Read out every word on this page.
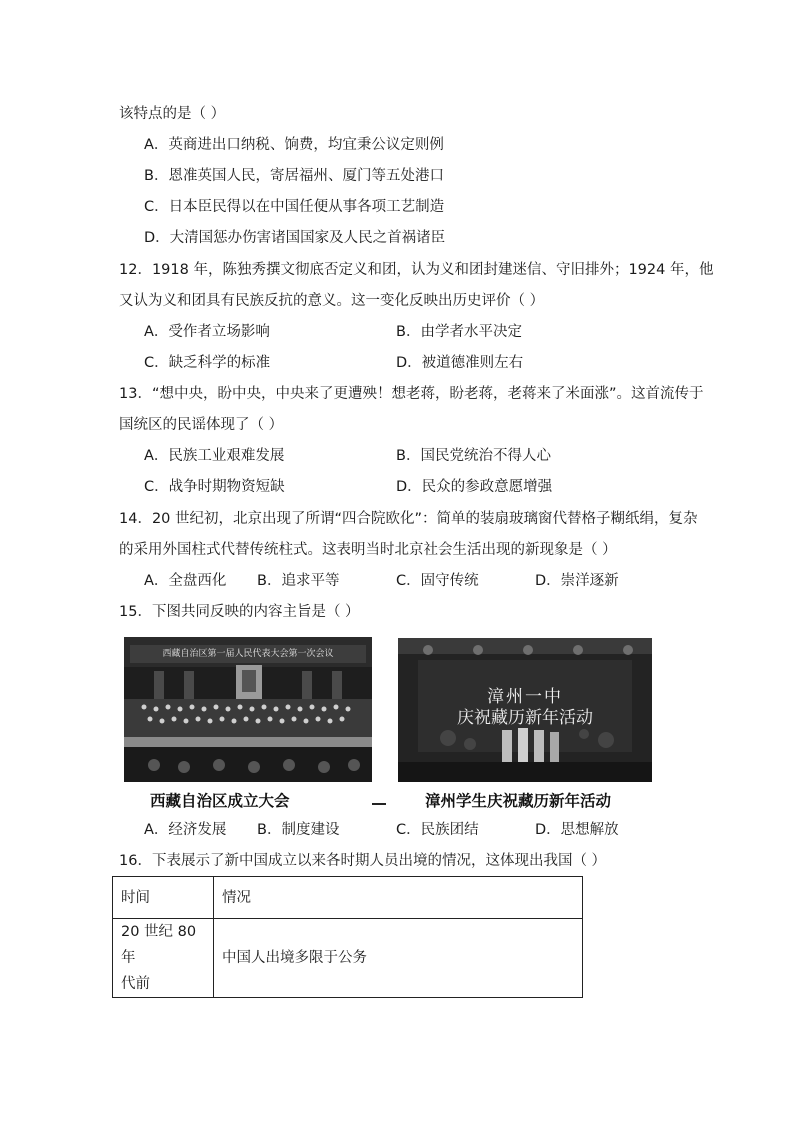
该特点的是（ ）
A．英商进出口纳税、饷费，均宜秉公议定则例
B．恩准英国人民，寄居福州、厦门等五处港口
C．日本臣民得以在中国任便从事各项工艺制造
D．大清国惩办伤害诸国国家及人民之首祸诸臣
12．1918 年，陈独秀撰文彻底否定义和团，认为义和团封建迷信、守旧排外；1924 年，他
又认为义和团具有民族反抗的意义。这一变化反映出历史评价（ ）
A．受作者立场影响	B．由学者水平决定
C．缺乏科学的标准	D．被道德准则左右
13．“想中央，盼中央，中央来了更遭殃！想老蒋，盼老蒋，老蒋来了米面涨”。这首流传于
国统区的民谣体现了（ ）
A．民族工业艰难发展	B．国民党统治不得人心
C．战争时期物资短缺	D．民众的参政意愿增强
14．20 世纪初，北京出现了所谓“四合院欧化”：简单的装扇玻璃窗代替格子糊纸绢，复杂
的采用外国柱式代替传统柱式。这表明当时北京社会生活出现的新现象是（ ）
A．全盘西化 B．追求平等	C．固守传统	D．崇洋逐新
15．下图共同反映的内容主旨是（ ）
西藏自治区第一届人民代表大会第一次会议
西藏自治区成立大会
漳州一中
庆祝藏历新年活动
漳州学生庆祝藏历新年活动
A．经济发展 B．制度建设	C．民族团结	D．思想解放
16．下表展示了新中国成立以来各时期人员出境的情况，这体现出我国（ ）
时间	情况

20 世纪 80 年
代前	中国人出境多限于公务
